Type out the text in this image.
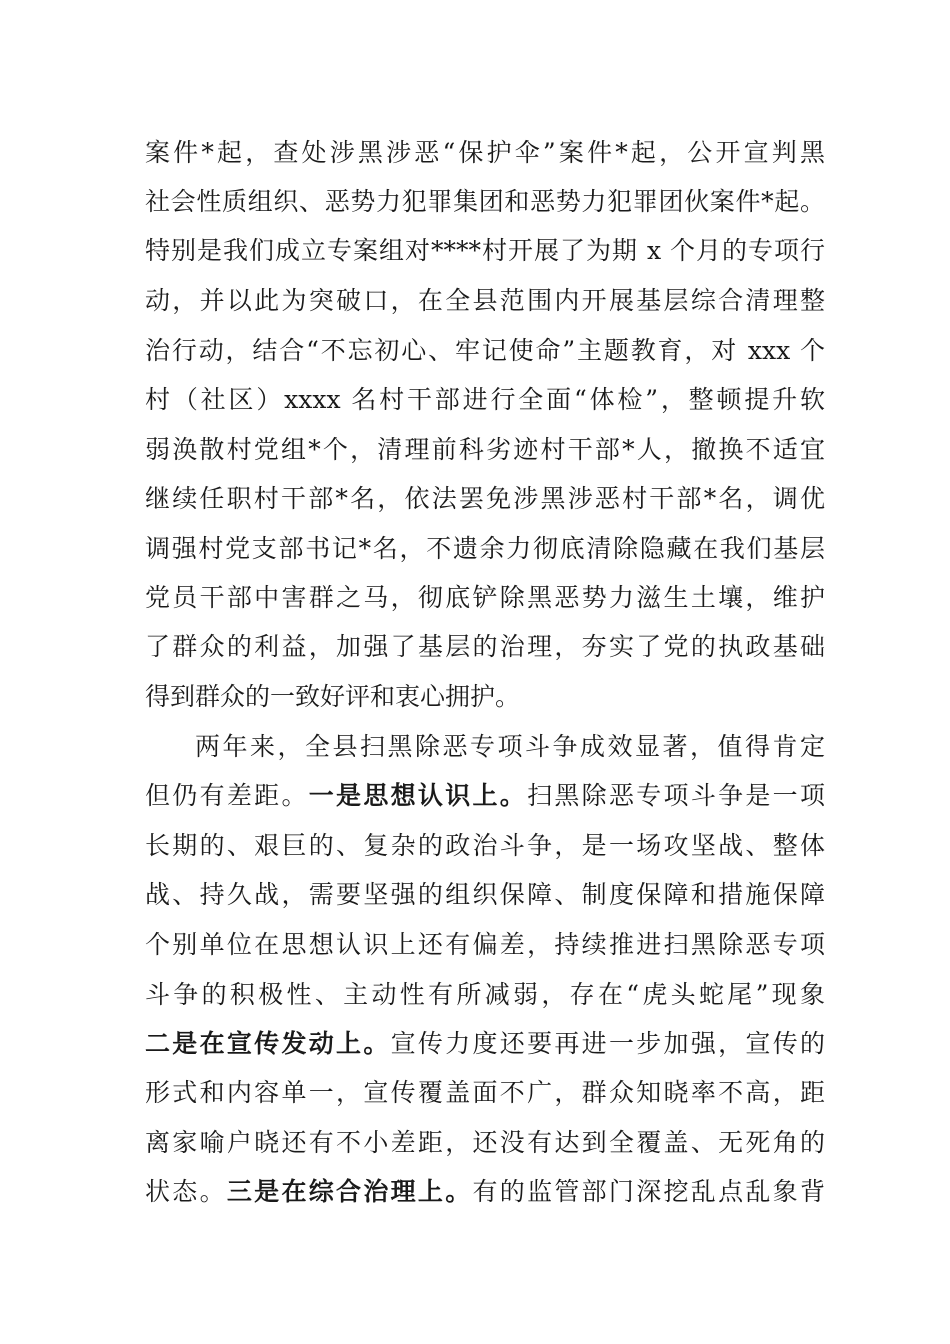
案件*起，查处涉黑涉恶“保护伞”案件*起，公开宣判黑
社会性质组织、恶势力犯罪集团和恶势力犯罪团伙案件*起。
特别是我们成立专案组对****村开展了为期 x 个月的专项行
动，并以此为突破口，在全县范围内开展基层综合清理整
治行动，结合“不忘初心、牢记使命”主题教育，对 xxx 个
村（社区）xxxx 名村干部进行全面“体检”，整顿提升软
弱涣散村党组*个，清理前科劣迹村干部*人，撤换不适宜
继续任职村干部*名，依法罢免涉黑涉恶村干部*名，调优
调强村党支部书记*名，不遗余力彻底清除隐藏在我们基层
党员干部中害群之马，彻底铲除黑恶势力滋生土壤，维护
了群众的利益，加强了基层的治理，夯实了党的执政基础
得到群众的一致好评和衷心拥护。
两年来，全县扫黑除恶专项斗争成效显著，值得肯定
但仍有差距。一是思想认识上。扫黑除恶专项斗争是一项
长期的、艰巨的、复杂的政治斗争，是一场攻坚战、整体
战、持久战，需要坚强的组织保障、制度保障和措施保障
个别单位在思想认识上还有偏差，持续推进扫黑除恶专项
斗争的积极性、主动性有所减弱，存在“虎头蛇尾”现象
二是在宣传发动上。宣传力度还要再进一步加强，宣传的
形式和内容单一，宣传覆盖面不广，群众知晓率不高，距
离家喻户晓还有不小差距，还没有达到全覆盖、无死角的
状态。三是在综合治理上。有的监管部门深挖乱点乱象背
